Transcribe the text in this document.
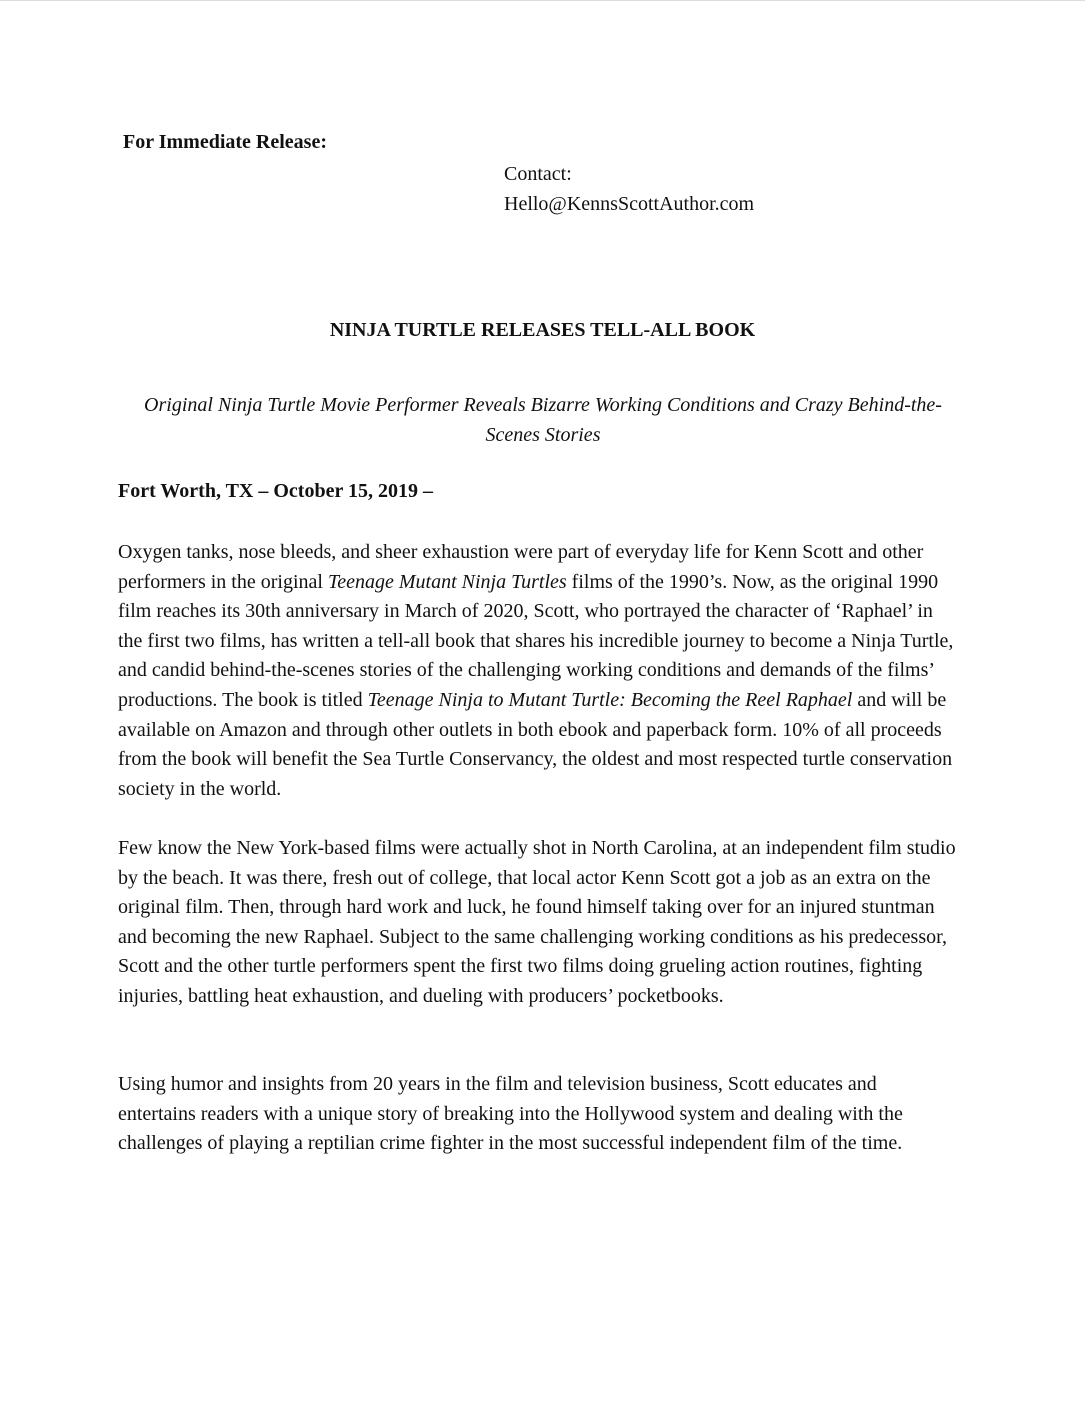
For Immediate Release:

Contact:
Hello@KennsScottAuthor.com
NINJA TURTLE RELEASES TELL-ALL BOOK

Original Ninja Turtle Movie Performer Reveals Bizarre Working Conditions and Crazy Behind-the-Scenes Stories

Fort Worth, TX – October 15, 2019 –

Oxygen tanks, nose bleeds, and sheer exhaustion were part of everyday life for Kenn Scott and other performers in the original Teenage Mutant Ninja Turtles films of the 1990’s. Now, as the original 1990 film reaches its 30th anniversary in March of 2020, Scott, who portrayed the character of ‘Raphael’ in the first two films, has written a tell-all book that shares his incredible journey to become a Ninja Turtle, and candid behind-the-scenes stories of the challenging working conditions and demands of the films’ productions. The book is titled Teenage Ninja to Mutant Turtle: Becoming the Reel Raphael and will be available on Amazon and through other outlets in both ebook and paperback form. 10% of all proceeds from the book will benefit the Sea Turtle Conservancy, the oldest and most respected turtle conservation society in the world.

Few know the New York-based films were actually shot in North Carolina, at an independent film studio by the beach. It was there, fresh out of college, that local actor Kenn Scott got a job as an extra on the original film. Then, through hard work and luck, he found himself taking over for an injured stuntman and becoming the new Raphael. Subject to the same challenging working conditions as his predecessor, Scott and the other turtle performers spent the first two films doing grueling action routines, fighting injuries, battling heat exhaustion, and dueling with producers’ pocketbooks.

Using humor and insights from 20 years in the film and television business, Scott educates and entertains readers with a unique story of breaking into the Hollywood system and dealing with the challenges of playing a reptilian crime fighter in the most successful independent film of the time.
